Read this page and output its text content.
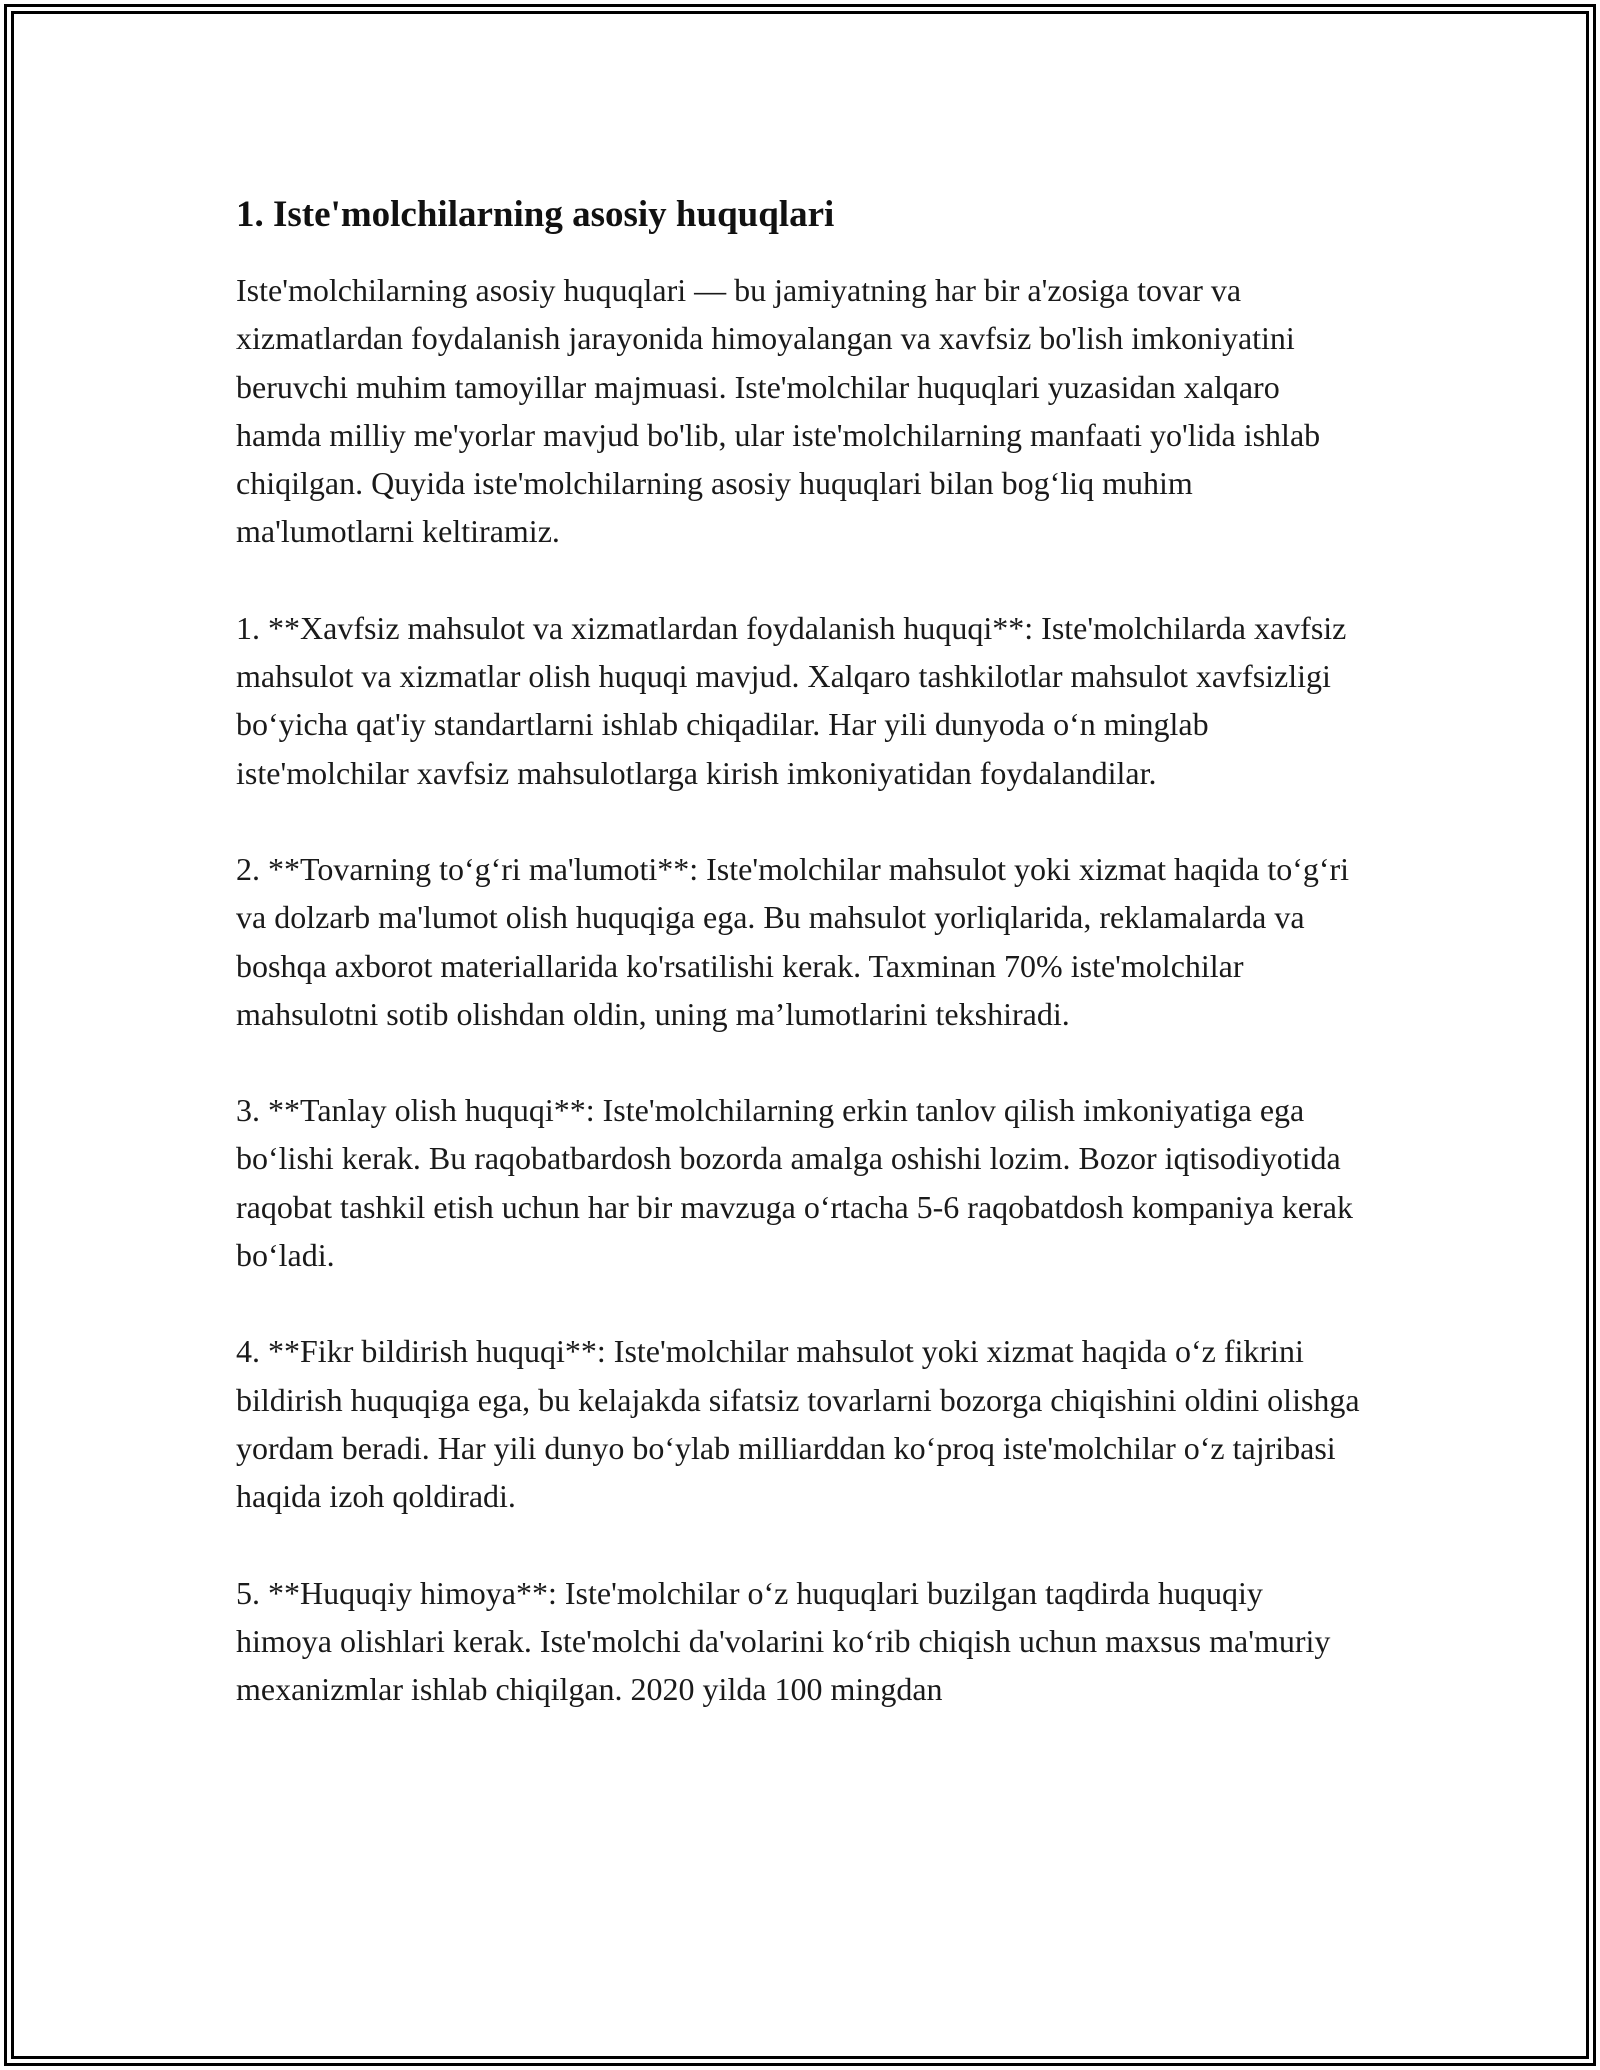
1. Iste'molchilarning asosiy huquqlari

Iste'molchilarning asosiy huquqlari — bu jamiyatning har bir a'zosiga tovar va xizmatlardan foydalanish jarayonida himoyalangan va xavfsiz bo'lish imkoniyatini beruvchi muhim tamoyillar majmuasi. Iste'molchilar huquqlari yuzasidan xalqaro hamda milliy me'yorlar mavjud bo'lib, ular iste'molchilarning manfaati yo'lida ishlab chiqilgan. Quyida iste'molchilarning asosiy huquqlari bilan bog‘liq muhim ma'lumotlarni keltiramiz.

1. **Xavfsiz mahsulot va xizmatlardan foydalanish huquqi**: Iste'molchilarda xavfsiz mahsulot va xizmatlar olish huquqi mavjud. Xalqaro tashkilotlar mahsulot xavfsizligi bo‘yicha qat'iy standartlarni ishlab chiqadilar. Har yili dunyoda o‘n minglab iste'molchilar xavfsiz mahsulotlarga kirish imkoniyatidan foydalandilar.

2. **Tovarning to‘g‘ri ma'lumoti**: Iste'molchilar mahsulot yoki xizmat haqida to‘g‘ri va dolzarb ma'lumot olish huquqiga ega. Bu mahsulot yorliqlarida, reklamalarda va boshqa axborot materiallarida ko'rsatilishi kerak. Taxminan 70% iste'molchilar mahsulotni sotib olishdan oldin, uning ma’lumotlarini tekshiradi.

3. **Tanlay olish huquqi**: Iste'molchilarning erkin tanlov qilish imkoniyatiga ega bo‘lishi kerak. Bu raqobatbardosh bozorda amalga oshishi lozim. Bozor iqtisodiyotida raqobat tashkil etish uchun har bir mavzuga o‘rtacha 5-6 raqobatdosh kompaniya kerak bo‘ladi.

4. **Fikr bildirish huquqi**: Iste'molchilar mahsulot yoki xizmat haqida o‘z fikrini bildirish huquqiga ega, bu kelajakda sifatsiz tovarlarni bozorga chiqishini oldini olishga yordam beradi. Har yili dunyo bo‘ylab milliarddan ko‘proq iste'molchilar o‘z tajribasi haqida izoh qoldiradi.

5. **Huquqiy himoya**: Iste'molchilar o‘z huquqlari buzilgan taqdirda huquqiy himoya olishlari kerak. Iste'molchi da'volarini ko‘rib chiqish uchun maxsus ma'muriy mexanizmlar ishlab chiqilgan. 2020 yilda 100 mingdan
